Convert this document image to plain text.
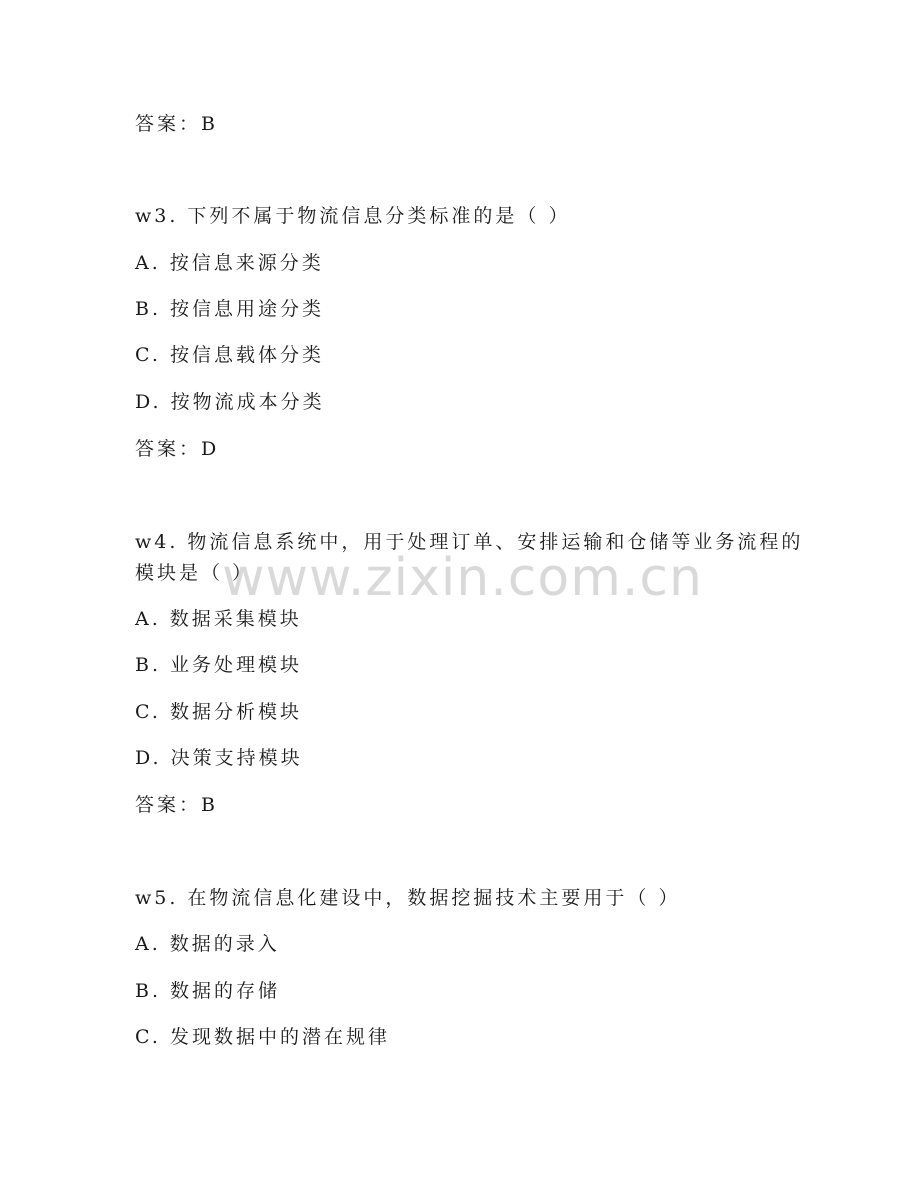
www.zixin.com.cn
答案：B
w3. 下列不属于物流信息分类标准的是（ ）
A. 按信息来源分类
B. 按信息用途分类
C. 按信息载体分类
D. 按物流成本分类
答案：D
w4. 物流信息系统中，用于处理订单、安排运输和仓储等业务流程的
模块是（ ）
A. 数据采集模块
B. 业务处理模块
C. 数据分析模块
D. 决策支持模块
答案：B
w5. 在物流信息化建设中，数据挖掘技术主要用于（ ）
A. 数据的录入
B. 数据的存储
C. 发现数据中的潜在规律
